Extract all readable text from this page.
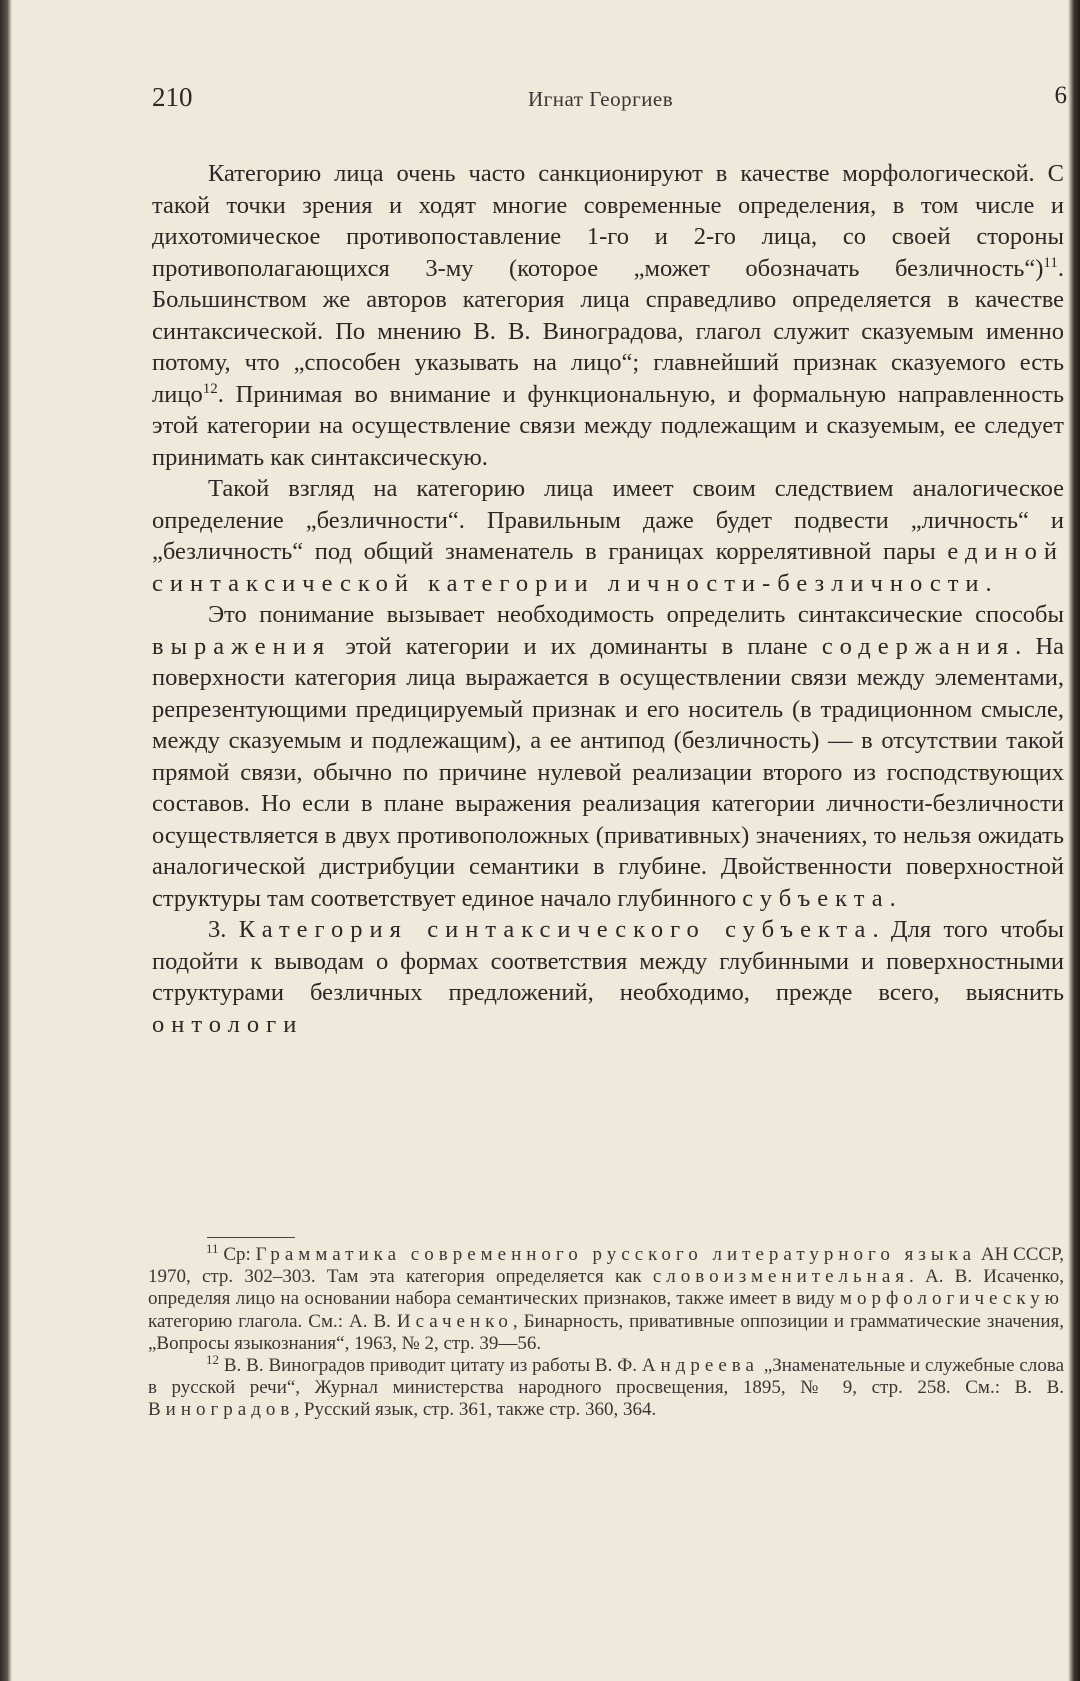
210	Игнат Георгиев	6

Категорию лица очень часто санкционируют в качестве морфологической. С такой точки зрения и ходят многие современные определения, в том числе и дихотомическое противопоставление 1-го и 2-го лица, со своей стороны противополагающихся 3-му (которое „может обозначать безличность“)$^{11}$. Большинством же авторов категория лица справедливо определяется в качестве синтаксической. По мнению В. В. Виноградова, глагол служит сказуемым именно потому, что „способен указывать на лицо“; главнейший признак сказуемого есть лицо$^{12}$. Принимая во внимание и функциональную, и формальную направленность этой категории на осуществление связи между подлежащим и сказуемым, ее следует принимать как синтаксическую.

Такой взгляд на категорию лица имеет своим следствием аналогическое определение „безличности“. Правильным даже будет подвести „личность“ и „безличность“ под общий знаменатель в границах коррелятивной пары единой синтаксической категории личности-безличности.

Это понимание вызывает необходимость определить синтаксические способы выражения этой категории и их доминанты в плане содержания. На поверхности категория лица выражается в осуществлении связи между элементами, репрезентующими предицируемый признак и его носитель (в традиционном смысле, между сказуемым и подлежащим), а ее антипод (безличность) — в отсутствии такой прямой связи, обычно по причине нулевой реализации второго из господствующих составов. Но если в плане выражения реализация категории личности-безличности осуществляется в двух противоположных (привативных) значениях, то нельзя ожидать аналогической дистрибуции семантики в глубине. Двойственности поверхностной структуры там соответствует единое начало глубинного субъекта.

3. Категория синтаксического субъекта. Для того чтобы подойти к выводам о формах соответствия между глубинными и поверхностными структурами безличных предложений, необходимо, прежде всего, выяснить онтологи

$^{11}$ Ср: Грамматика современного русского литературного языка АН СССР, 1970, стр. 302–303. Там эта категория определяется как словоизменительная. А. В. Исаченко, определяя лицо на основании набора семантических признаков, также имеет в виду морфологическую категорию глагола. См.: А. В. Исаченко, Бинарность, привативные оппозиции и грамматические значения, „Вопросы языкознания“, 1963, № 2, стр. 39—56.

$^{12}$ В. В. Виноградов приводит цитату из работы В. Ф. Андреева „Знаменательные и служебные слова в русской речи“, Журнал министерства народного просвещения, 1895, № 9, стр. 258. См.: В. В. Виноградов, Русский язык, стр. 361, также стр. 360, 364.
